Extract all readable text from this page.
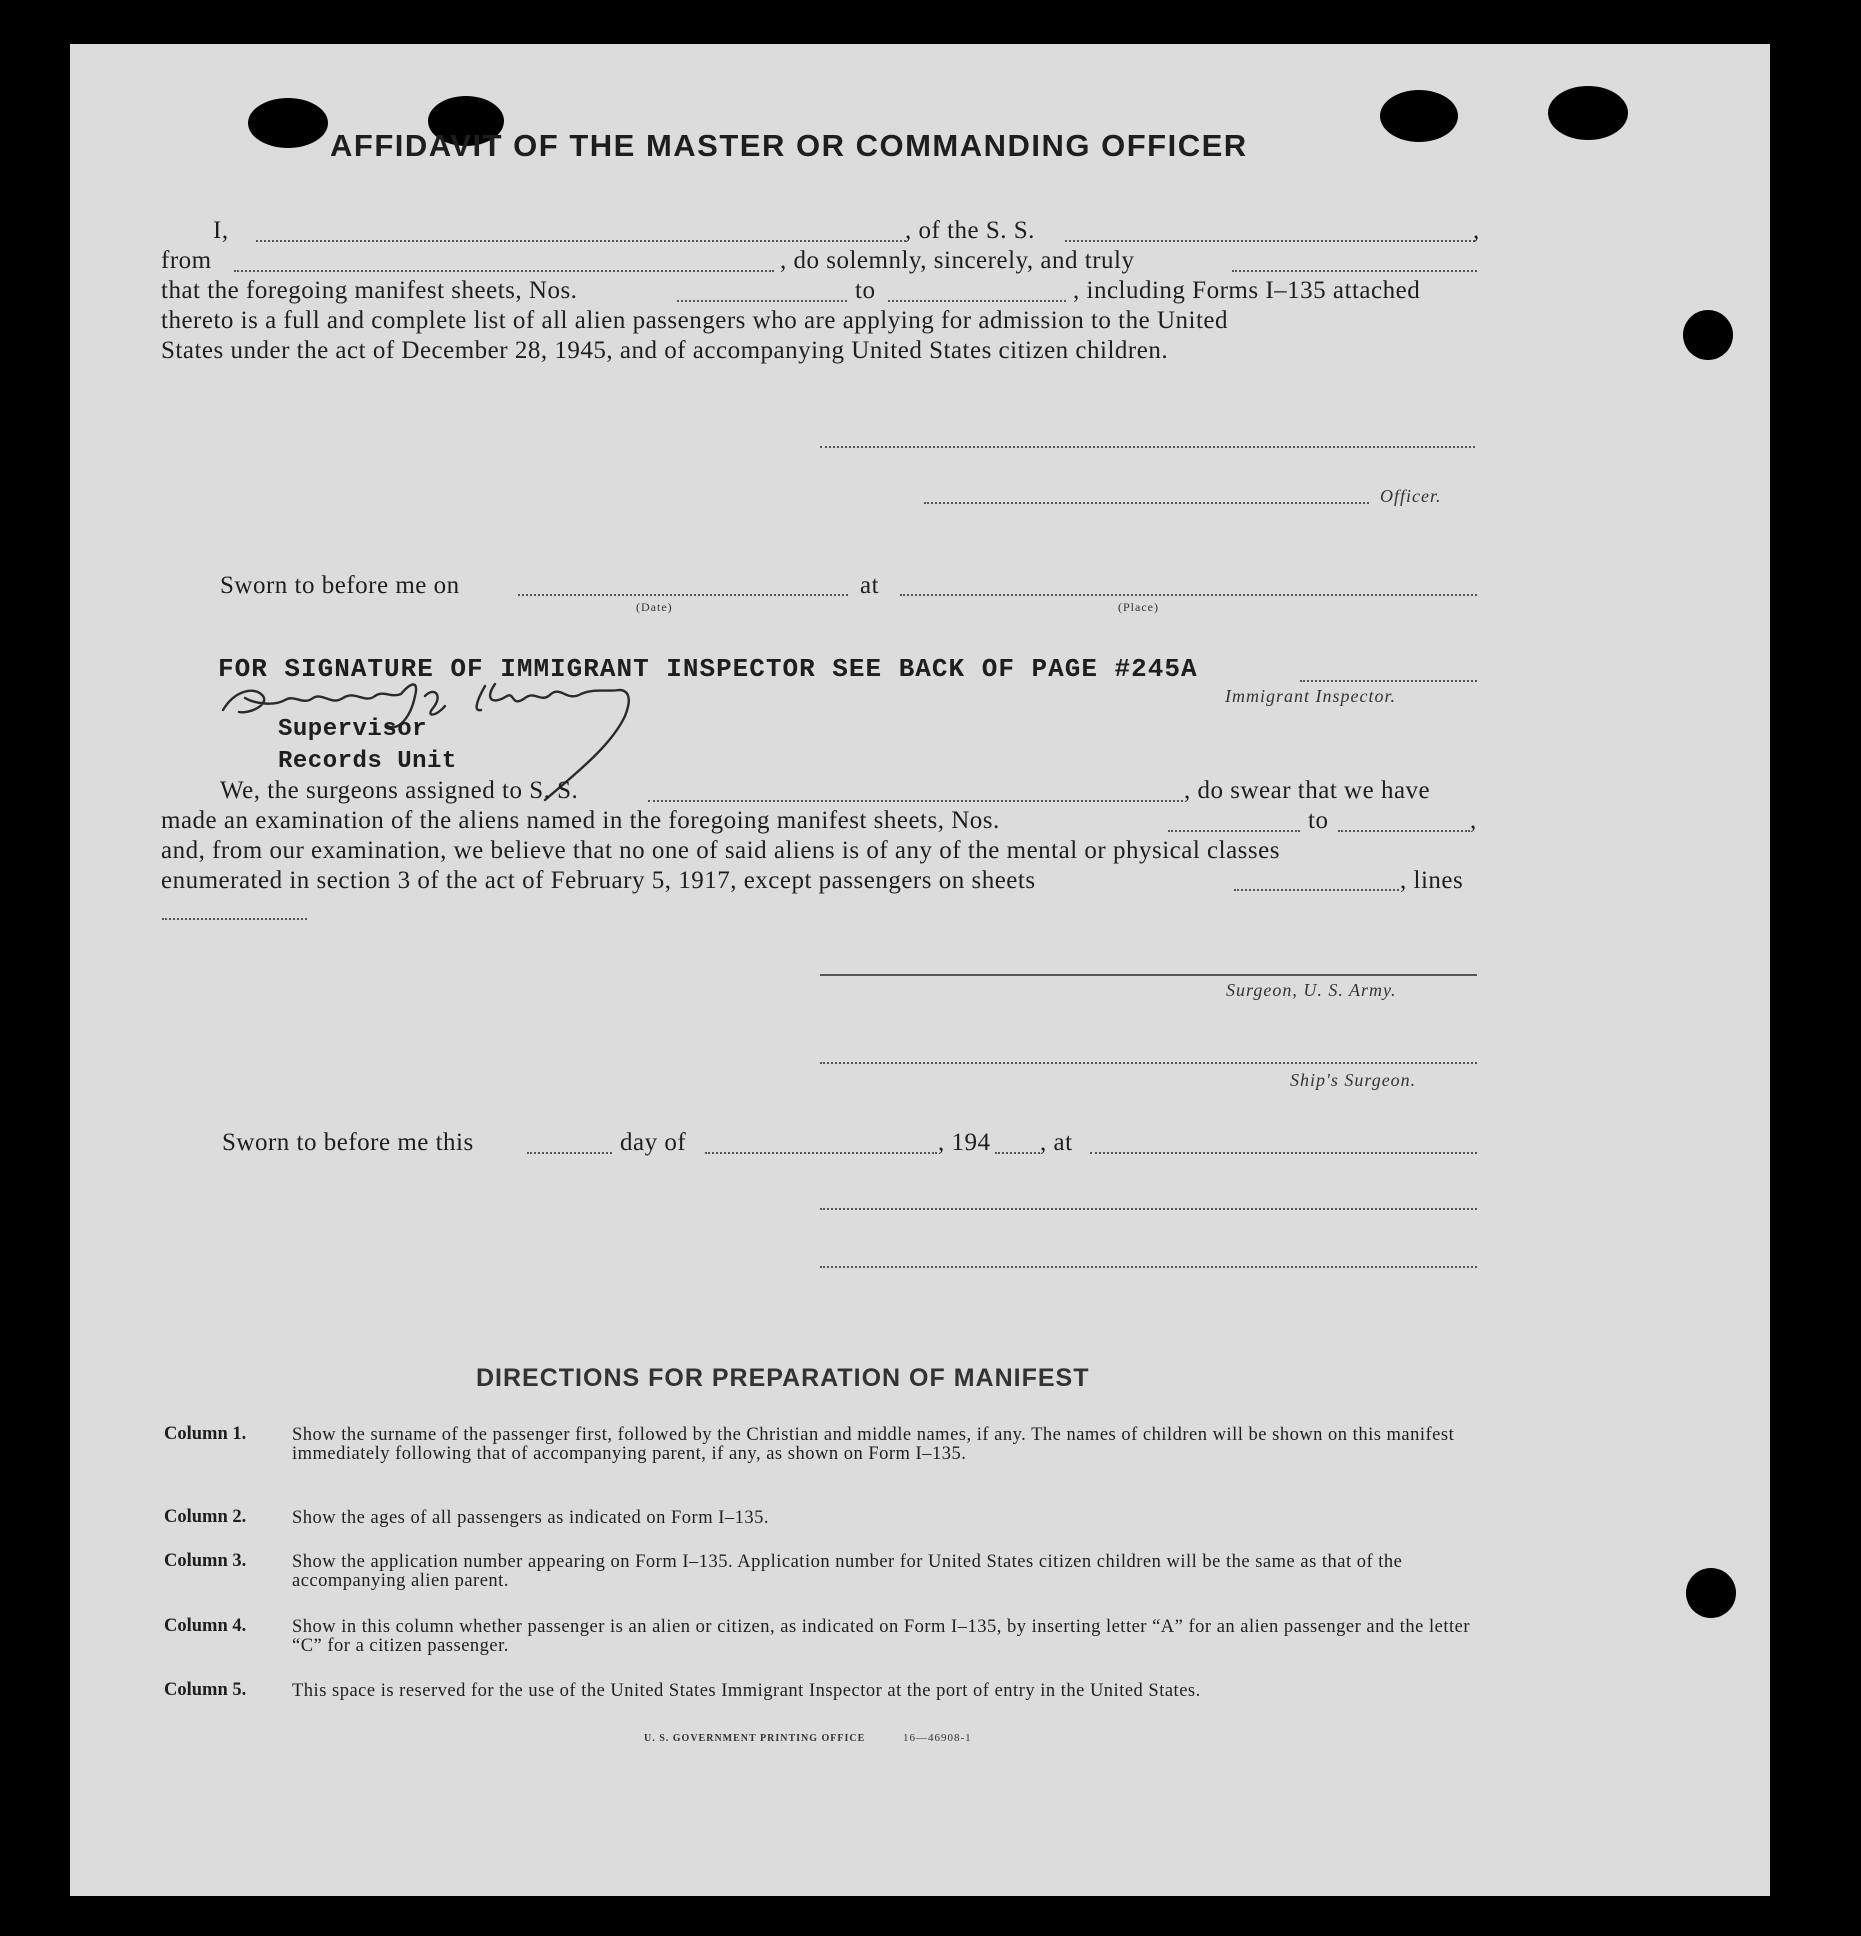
AFFIDAVIT OF THE MASTER OR COMMANDING OFFICER
I,	, of the S. S.	,
from	, do solemnly, sincerely, and truly
that the foregoing manifest sheets, Nos.	to	, including Forms I–135 attached
thereto is a full and complete list of all alien passengers who are applying for admission to the United
States under the act of December 28, 1945, and of accompanying United States citizen children.
Officer.
Sworn to before me on
(Date)
at
(Place)
FOR SIGNATURE OF IMMIGRANT INSPECTOR SEE BACK OF PAGE #245A
Immigrant Inspector.
Supervisor
Records Unit
We, the surgeons assigned to S. S.	, do swear that we have
made an examination of the aliens named in the foregoing manifest sheets, Nos.	to	,
and, from our examination, we believe that no one of said aliens is of any of the mental or physical classes
enumerated in section 3 of the act of February 5, 1917, except passengers on sheets	, lines
Surgeon, U. S. Army.
Ship's Surgeon.
Sworn to before me this	day of	, 194 , at
DIRECTIONS FOR PREPARATION OF MANIFEST
Column 1. Show the surname of the passenger first, followed by the Christian and middle names, if any. The names of children will be shown on this manifest immediately following that of accompanying parent, if any, as shown on Form I–135.
Column 2. Show the ages of all passengers as indicated on Form I–135.
Column 3. Show the application number appearing on Form I–135. Application number for United States citizen children will be the same as that of the accompanying alien parent.
Column 4. Show in this column whether passenger is an alien or citizen, as indicated on Form I–135, by inserting letter “A” for an alien passenger and the letter “C” for a citizen passenger.
Column 5. This space is reserved for the use of the United States Immigrant Inspector at the port of entry in the United States.
U. S. GOVERNMENT PRINTING OFFICE	16—46908-1
